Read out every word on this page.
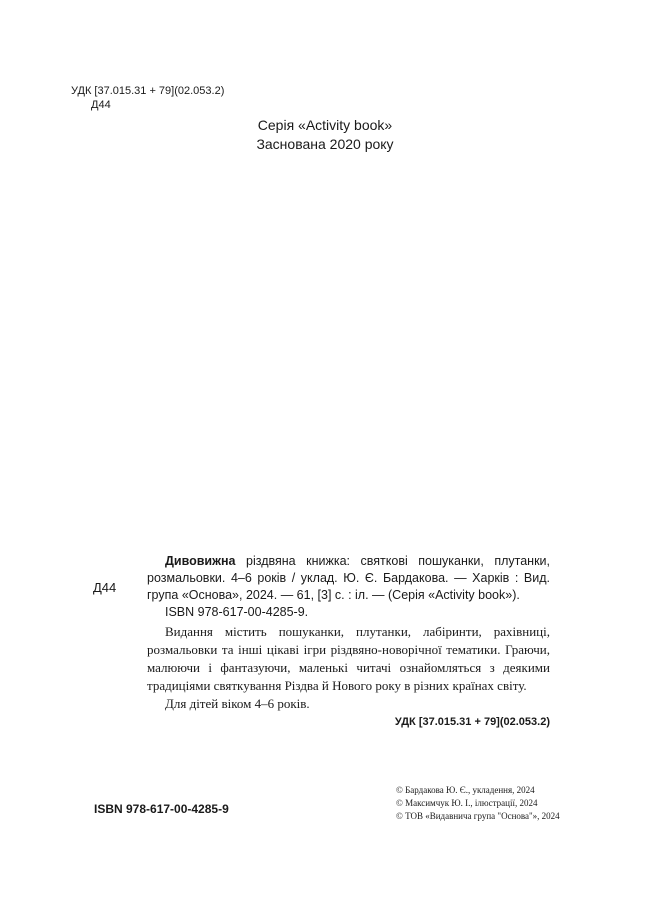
УДК [37.015.31 + 79](02.053.2)
Д44
Серія «Activity book»
Заснована 2020 року
Д44
Дивовижна різдвяна книжка: святкові пошуканки, плутанки, розмальовки. 4–6 років / уклад. Ю. Є. Бардакова. — Харків : Вид. група «Основа», 2024. — 61, [3] с. : іл. — (Серія «Activity book»).
ISBN 978-617-00-4285-9.
Видання містить пошуканки, плутанки, лабіринти, рахівниці, розмальовки та інші цікаві ігри різдвяно-новорічної тематики. Граючи, малюючи і фантазуючи, маленькі читачі ознайомляться з деякими традиціями святкування Різдва й Нового року в різних країнах світу.
Для дітей віком 4–6 років.
УДК [37.015.31 + 79](02.053.2)
© Бардакова Ю. Є., укладення, 2024
© Максимчук Ю. І., ілюстрації, 2024
© ТОВ «Видавнича група "Основа"», 2024
ISBN 978-617-00-4285-9
